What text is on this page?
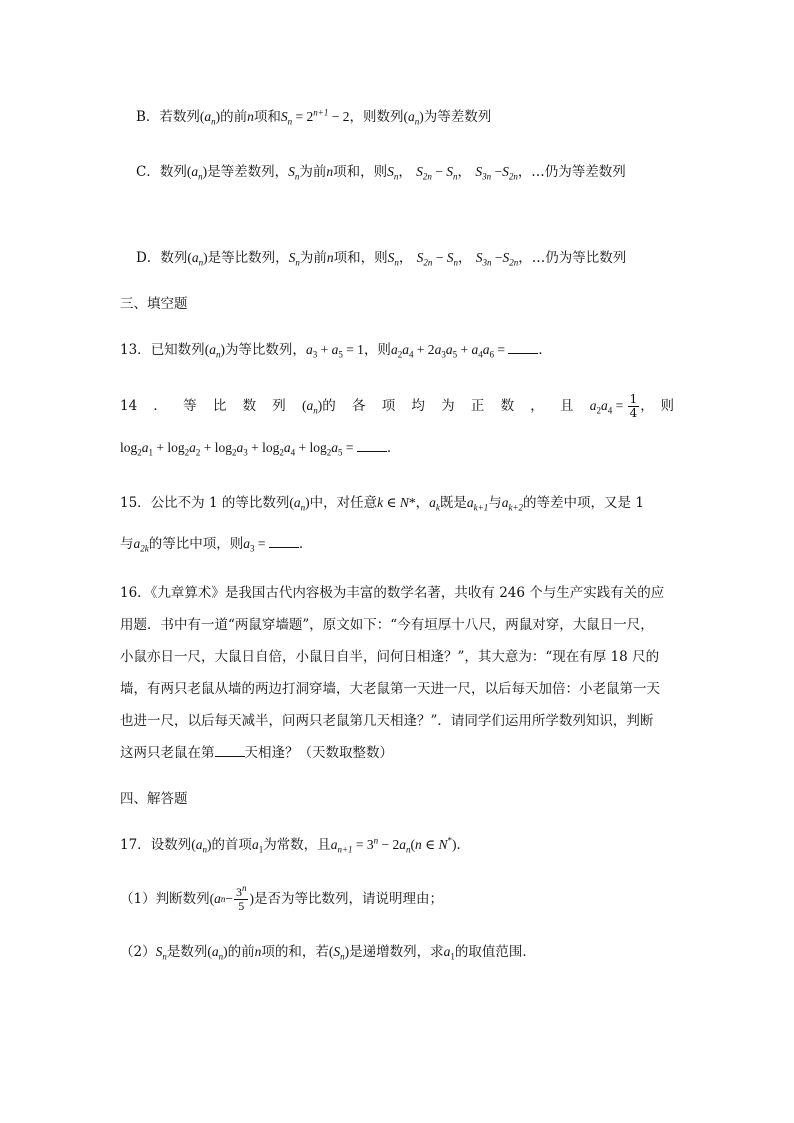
B．若数列$(a_n)$的前n项和$S_n = 2^{n+1} - 2$，则数列$(a_n)$为等差数列
C．数列$(a_n)$是等差数列，$S_n$为前n项和，则$S_n$， $S_{2n} - S_n$， $S_{3n} -S_{2n}$，…仍为等差数列
D．数列$(a_n)$是等比数列，$S_n$为前n项和，则$S_n$， $S_{2n} - S_n$， $S_{3n} -S_{2n}$，…仍为等比数列
三、填空题
13．已知数列$(a_n)$为等比数列，$a_3 + a_5 = 1$，则$a_2a_4 + 2a_3a_5 + a_4a_6$ = ．
14 ． 等 比 数 列 $(a_n)$的 各 项 均 为 正 数 ， 且 $a_2a_4 = \frac{1}{4}$ ，　则
$\log_2a_1 + \log_2a_2 + \log_2a_3 + \log_2a_4 + \log_2a_5$ = ．
15．公比不为 1 的等比数列$(a_n)$中，对任意k ∈ N*，$a_k$既是$a_{k+1}$与$a_{k+2}$的等差中项，又是 1
与$a_{2k}$的等比中项，则$a_3$ = ．
16．《九章算术》是我国古代内容极为丰富的数学名著，共收有 246 个与生产实践有关的应
用题．书中有一道“两鼠穿墙题”，原文如下：“今有垣厚十八尺，两鼠对穿，大鼠日一尺，
小鼠亦日一尺，大鼠日自倍，小鼠日自半，问何日相逢？”，其大意为：“现在有厚 18 尺的
墙，有两只老鼠从墙的两边打洞穿墙，大老鼠第一天进一尺，以后每天加倍：小老鼠第一天
也进一尺，以后每天减半，问两只老鼠第几天相逢？”．请同学们运用所学数列知识，判断
这两只老鼠在第 天相逢？（天数取整数）
四、解答题
17．设数列$(a_n)$的首项$a_1$为常数，且$a_{n+1} = 3^n - 2a_n(n$ ∈ N*)．
（1）判断数列 ( a $n - \frac{3^n}{5}$ ) 是否为等比数列，请说明理由；
$(2)S_n$是数列$(a_n)$的前n项的和，若$(S_n)$是递增数列，求$a_1$的取值范围．
